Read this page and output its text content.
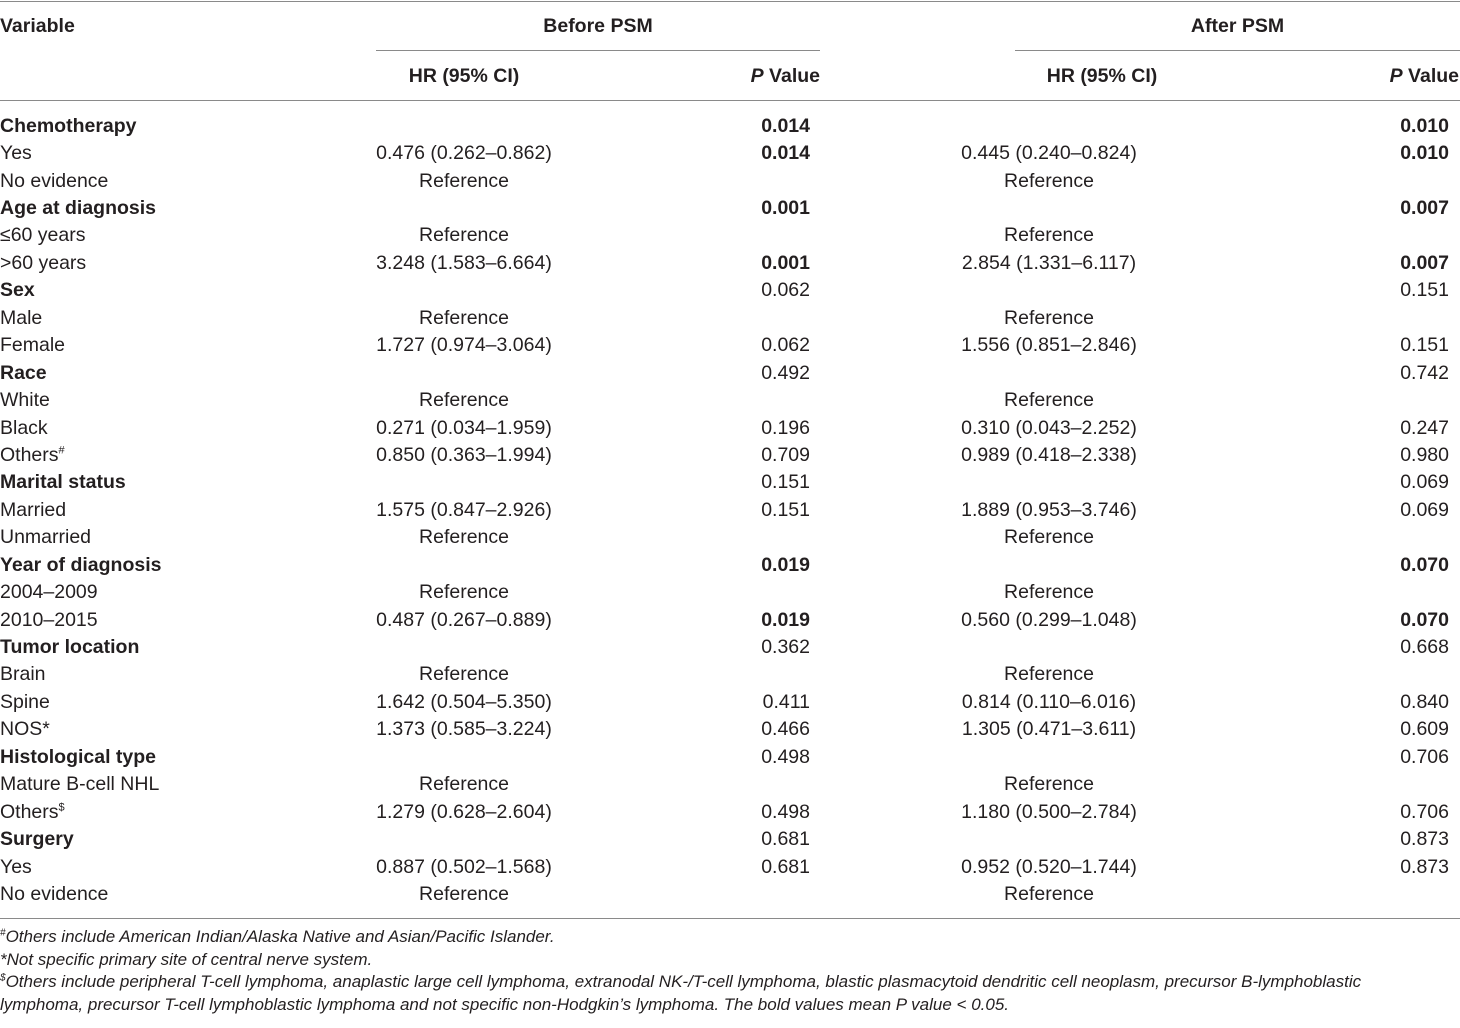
Variable	Before PSM	After PSM
HR (95% CI)	P Value	HR (95% CI)	P Value
Chemotherapy		0.014		0.010
Yes	0.476 (0.262–0.862)	0.014	0.445 (0.240–0.824)	0.010
No evidence	Reference		Reference	
Age at diagnosis		0.001		0.007
≤60 years	Reference		Reference	
>60 years	3.248 (1.583–6.664)	0.001	2.854 (1.331–6.117)	0.007
Sex		0.062		0.151
Male	Reference		Reference	
Female	1.727 (0.974–3.064)	0.062	1.556 (0.851–2.846)	0.151
Race		0.492		0.742
White	Reference		Reference	
Black	0.271 (0.034–1.959)	0.196	0.310 (0.043–2.252)	0.247
Others#	0.850 (0.363–1.994)	0.709	0.989 (0.418–2.338)	0.980
Marital status		0.151		0.069
Married	1.575 (0.847–2.926)	0.151	1.889 (0.953–3.746)	0.069
Unmarried	Reference		Reference	
Year of diagnosis		0.019		0.070
2004–2009	Reference		Reference	
2010–2015	0.487 (0.267–0.889)	0.019	0.560 (0.299–1.048)	0.070
Tumor location		0.362		0.668
Brain	Reference		Reference	
Spine	1.642 (0.504–5.350)	0.411	0.814 (0.110–6.016)	0.840
NOS*	1.373 (0.585–3.224)	0.466	1.305 (0.471–3.611)	0.609
Histological type		0.498		0.706
Mature B-cell NHL	Reference		Reference	
Others$	1.279 (0.628–2.604)	0.498	1.180 (0.500–2.784)	0.706
Surgery		0.681		0.873
Yes	0.887 (0.502–1.568)	0.681	0.952 (0.520–1.744)	0.873
No evidence	Reference		Reference	

#Others include American Indian/Alaska Native and Asian/Pacific Islander.

*Not specific primary site of central nerve system.

$Others include peripheral T-cell lymphoma, anaplastic large cell lymphoma, extranodal NK-/T-cell lymphoma, blastic plasmacytoid dendritic cell neoplasm, precursor B-lymphoblastic

lymphoma, precursor T-cell lymphoblastic lymphoma and not specific non-Hodgkin’s lymphoma. The bold values mean P value < 0.05.
